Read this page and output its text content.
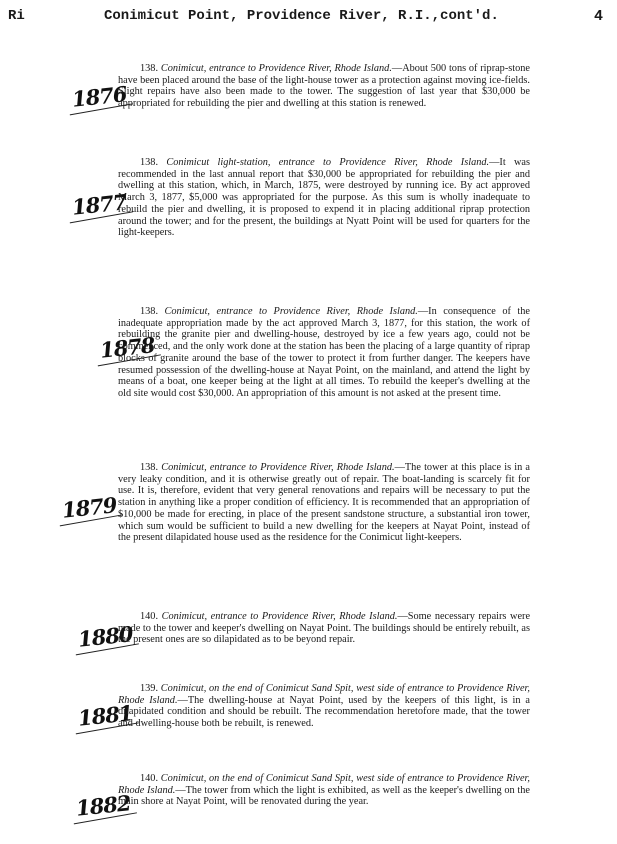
Ri	Conimicut Point, Providence River, R.I.,cont'd.	4
1876

138. Conimicut, entrance to Providence River, Rhode Island.—About 500 tons of riprap-stone have been placed around the base of the light-house tower as a protection against moving ice-fields. Slight repairs have also been made to the tower. The suggestion of last year that $30,000 be appropriated for rebuilding the pier and dwelling at this station is renewed.

1877

138. Conimicut light-station, entrance to Providence River, Rhode Island.—It was recommended in the last annual report that $30,000 be appropriated for rebuilding the pier and dwelling at this station, which, in March, 1875, were destroyed by running ice. By act approved March 3, 1877, $5,000 was appropriated for the purpose. As this sum is wholly inadequate to rebuild the pier and dwelling, it is proposed to expend it in placing additional riprap protection around the tower; and for the present, the buildings at Nyatt Point will be used for quarters for the light-keepers.

1878

138. Conimicut, entrance to Providence River, Rhode Island.—In consequence of the inadequate appropriation made by the act approved March 3, 1877, for this station, the work of rebuilding the granite pier and dwelling-house, destroyed by ice a few years ago, could not be commenced, and the only work done at the station has been the placing of a large quantity of riprap blocks of granite around the base of the tower to protect it from further danger. The keepers have resumed possession of the dwelling-house at Nayat Point, on the mainland, and attend the light by means of a boat, one keeper being at the light at all times. To rebuild the keeper's dwelling at the old site would cost $30,000. An appropriation of this amount is not asked at the present time.

1879

138. Conimicut, entrance to Providence River, Rhode Island.—The tower at this place is in a very leaky condition, and it is otherwise greatly out of repair. The boat-landing is scarcely fit for use. It is, therefore, evident that very general renovations and repairs will be necessary to put the station in anything like a proper condition of efficiency. It is recommended that an appropriation of $10,000 be made for erecting, in place of the present sandstone structure, a substantial iron tower, which sum would be sufficient to build a new dwelling for the keepers at Nayat Point, instead of the present dilapidated house used as the residence for the Conimicut light-keepers.

1880

140. Conimicut, entrance to Providence River, Rhode Island.—Some necessary repairs were made to the tower and keeper's dwelling on Nayat Point. The buildings should be entirely rebuilt, as the present ones are so dilapidated as to be beyond repair.

1881

139. Conimicut, on the end of Conimicut Sand Spit, west side of entrance to Providence River, Rhode Island.—The dwelling-house at Nayat Point, used by the keepers of this light, is in a dilapidated condition and should be rebuilt. The recommendation heretofore made, that the tower and dwelling-house both be rebuilt, is renewed.

1882

140. Conimicut, on the end of Conimicut Sand Spit, west side of entrance to Providence River, Rhode Island.—The tower from which the light is exhibited, as well as the keeper's dwelling on the main shore at Nayat Point, will be renovated during the year.
